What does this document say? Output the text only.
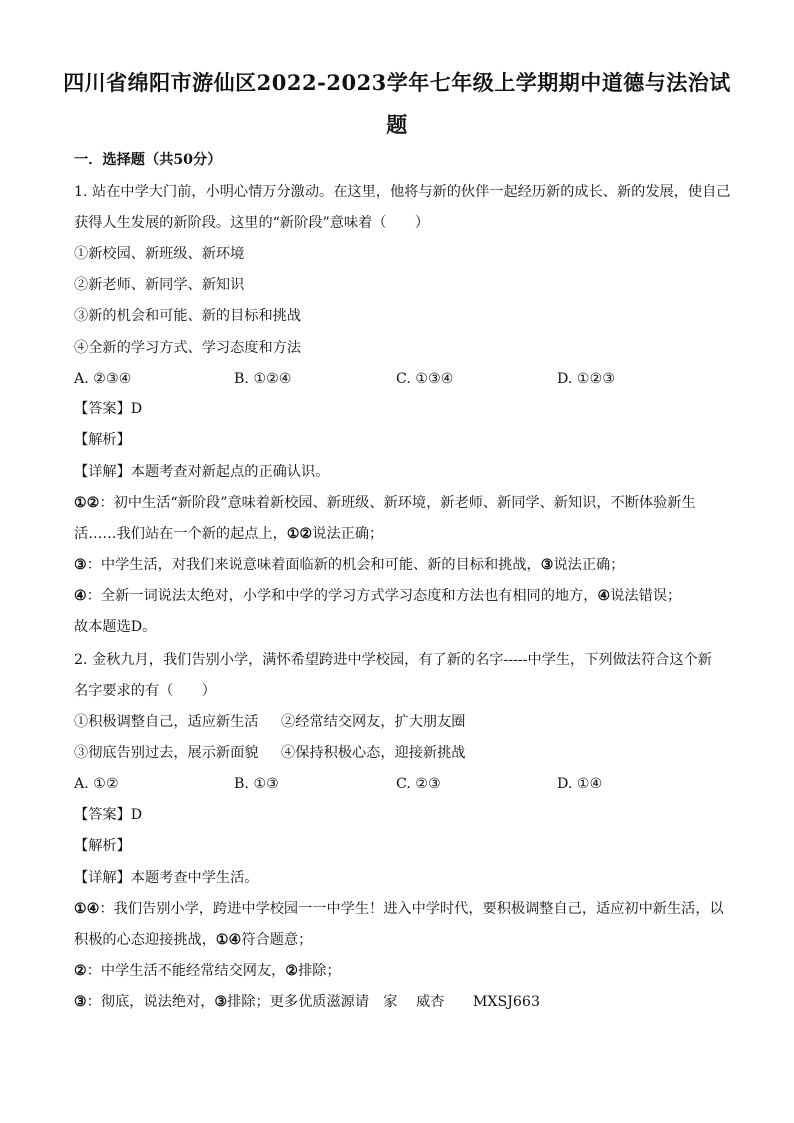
四川省绵阳市游仙区2022-2023学年七年级上学期期中道德与法治试
题
一．选择题（共50分）
1. 站在中学大门前，小明心情万分激动。在这里，他将与新的伙伴一起经历新的成长、新的发展，使自己
获得人生发展的新阶段。这里的“新阶段”意味着（　　）
①新校园、新班级、新环境
②新老师、新同学、新知识
③新的机会和可能、新的目标和挑战
④全新的学习方式、学习态度和方法
A. ②③④	B. ①②④	C. ①③④	D. ①②③
【答案】D
【解析】
【详解】本题考查对新起点的正确认识。
①②：初中生活“新阶段”意味着新校园、新班级、新环境，新老师、新同学、新知识，不断体验新生
活……我们站在一个新的起点上，①②说法正确；
③：中学生活，对我们来说意味着面临新的机会和可能、新的目标和挑战，③说法正确；
④：全新一词说法太绝对，小学和中学的学习方式学习态度和方法也有相同的地方，④说法错误；
故本题选D。
2. 金秋九月，我们告别小学，满怀希望跨进中学校园，有了新的名字-----中学生，下列做法符合这个新
名字要求的有（　　）
①积极调整自己，适应新生活 ②经常结交网友，扩大朋友圈
③彻底告别过去，展示新面貌 ④保持积极心态，迎接新挑战
A. ①②	B. ①③	C. ②③	D. ①④
【答案】D
【解析】
【详解】本题考查中学生活。
①④：我们告别小学，跨进中学校园一一中学生！进入中学时代，要积极调整自己，适应初中新生活，以
积极的心态迎接挑战，①④符合题意；
②：中学生活不能经常结交网友，②排除；
③：彻底，说法绝对，③排除；更多优质滋源请　家　 威杏　　MXSJ663
